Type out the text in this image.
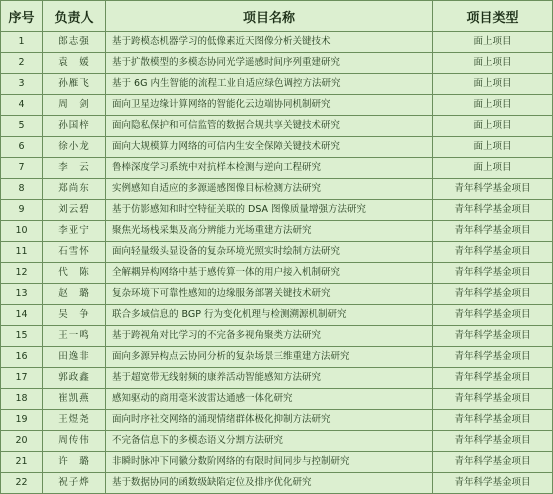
序号	负责人	项目名称	项目类型
1	郎志强	基于跨模态机器学习的低像素近天图像分析关键技术	面上项目
2	袁　媛	基于扩散模型的多模态协同光学遥感时间序列重建研究	面上项目
3	孙雁飞	基于 6G 内生智能的流程工业自适应绿色调控方法研究	面上项目
4	周　剑	面向卫星边缘计算网络的智能化云边端协同机制研究	面上项目
5	孙国梓	面向隐私保护和可信监管的数据合规共享关键技术研究	面上项目
6	徐小龙	面向大规模算力网络的可信内生安全保障关键技术研究	面上项目
7	李　云	鲁棒深度学习系统中对抗样本检测与逆向工程研究	面上项目
8	郑尚东	实例感知自适应的多源遥感图像目标检测方法研究	青年科学基金项目
9	刘云碧	基于仿影感知和时空特征关联的 DSA 图像质量增强方法研究	青年科学基金项目
10	李亚宁	聚焦光场栈采集及高分辨能力光场重建方法研究	青年科学基金项目
11	石雪怀	面向轻量级头显设备的复杂环境光照实时绘制方法研究	青年科学基金项目
12	代　陈	全解耦异构网络中基于感传算一体的用户接入机制研究	青年科学基金项目
13	赵　璐	复杂环境下可靠性感知的边缘服务部署关键技术研究	青年科学基金项目
14	吴　争	联合多域信息的 BGP 行为变化机理与检测溯源机制研究	青年科学基金项目
15	王一鸣	基于跨视角对比学习的不完备多视角聚类方法研究	青年科学基金项目
16	田逸非	面向多源异构点云协同分析的复杂场景三维重建方法研究	青年科学基金项目
17	郭政鑫	基于超宽带无线射频的康养活动智能感知方法研究	青年科学基金项目
18	崔凯燕	感知驱动的商用毫米波雷达通感一体化研究	青年科学基金项目
19	王煜尧	面向时序社交网络的涌现情绪群体极化抑制方法研究	青年科学基金项目
20	周传伟	不完备信息下的多模态语义分割方法研究	青年科学基金项目
21	许　璐	非瞬时脉冲下同徽分数阶网络的有限时间同步与控制研究	青年科学基金项目
22	祝子烨	基于数据协同的函数级缺陷定位及排序优化研究	青年科学基金项目
